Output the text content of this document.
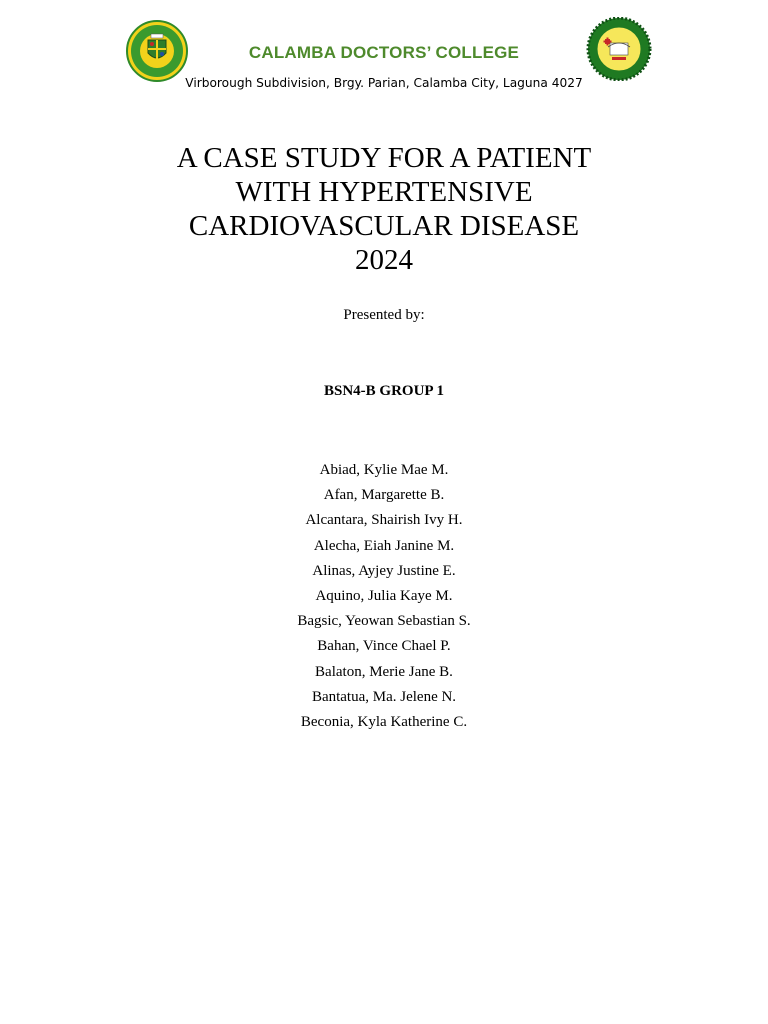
CALAMBA DOCTORS’ COLLEGE
Virborough Subdivision, Brgy. Parian, Calamba City, Laguna 4027
A CASE STUDY FOR A PATIENT
WITH HYPERTENSIVE
CARDIOVASCULAR DISEASE
2024
Presented by:
BSN4-B GROUP 1
Abiad, Kylie Mae M.
Afan, Margarette B.
Alcantara, Shairish Ivy H.
Alecha, Eiah Janine M.
Alinas, Ayjey Justine E.
Aquino, Julia Kaye M.
Bagsic, Yeowan Sebastian S.
Bahan, Vince Chael P.
Balaton, Merie Jane B.
Bantatua, Ma. Jelene N.
Beconia, Kyla Katherine C.
